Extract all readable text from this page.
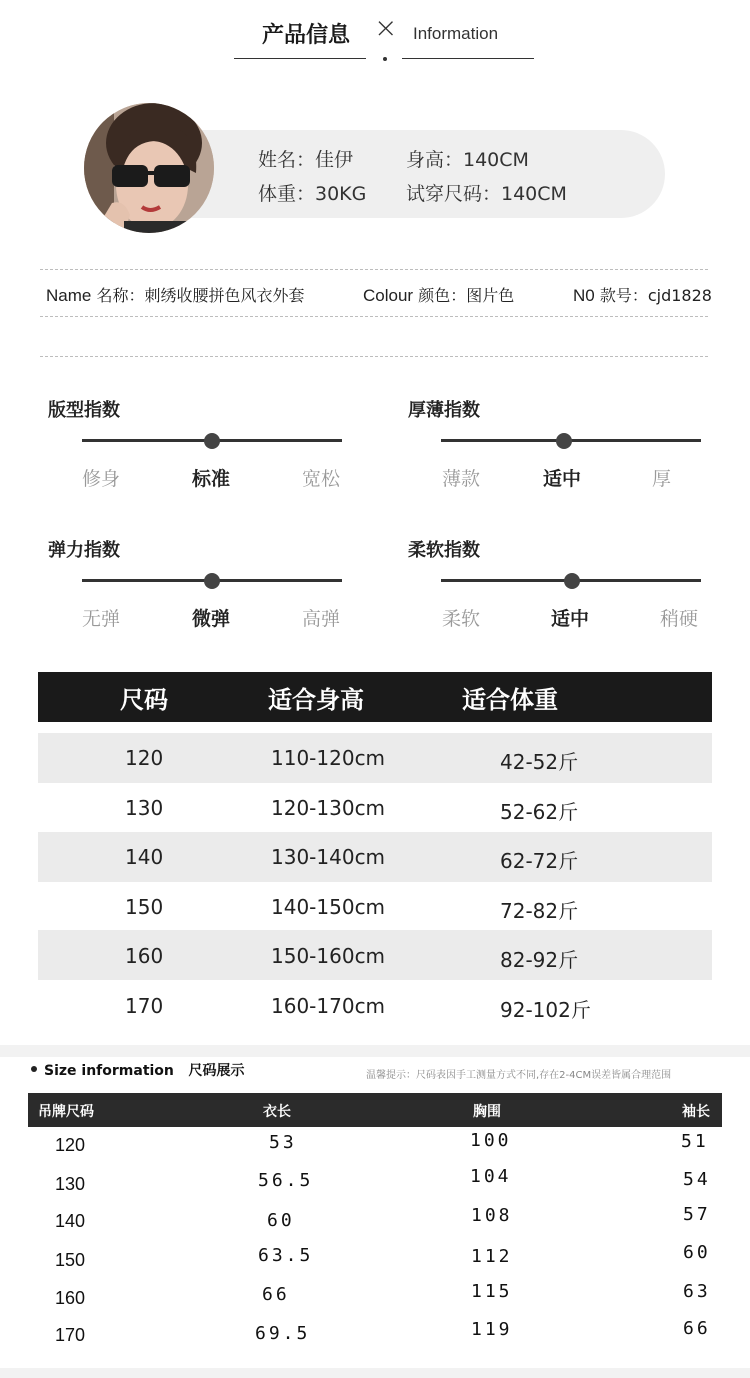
产品信息 × Information
姓名：佳伊	身高：140CM
体重：30KG 试穿尺码：140CM
Name 名称：刺绣收腰拼色风衣外套	Colour 颜色：图片色	N0 款号：cjd1828
版型指数
修身	标准	宽松
厚薄指数
薄款	适中	厚
弹力指数
无弹	微弹	高弹
柔软指数
柔软	适中	稍硬
尺码	适合身高	适合体重
120	110-120cm	42-52斤
130	120-130cm	52-62斤
140	130-140cm	62-72斤
150	140-150cm	72-82斤
160	150-160cm	82-92斤
170	160-170cm	92-102斤
Size information   尺码展示	温馨提示：尺码表因手工测量方式不同,存在2-4CM误差皆属合理范围
吊牌尺码	衣长	胸围	袖长
120	53	100	51
130	56.5	104	54
140	60	108	57
150	63.5	112	60
160	66	115	63
170	69.5	119	66
